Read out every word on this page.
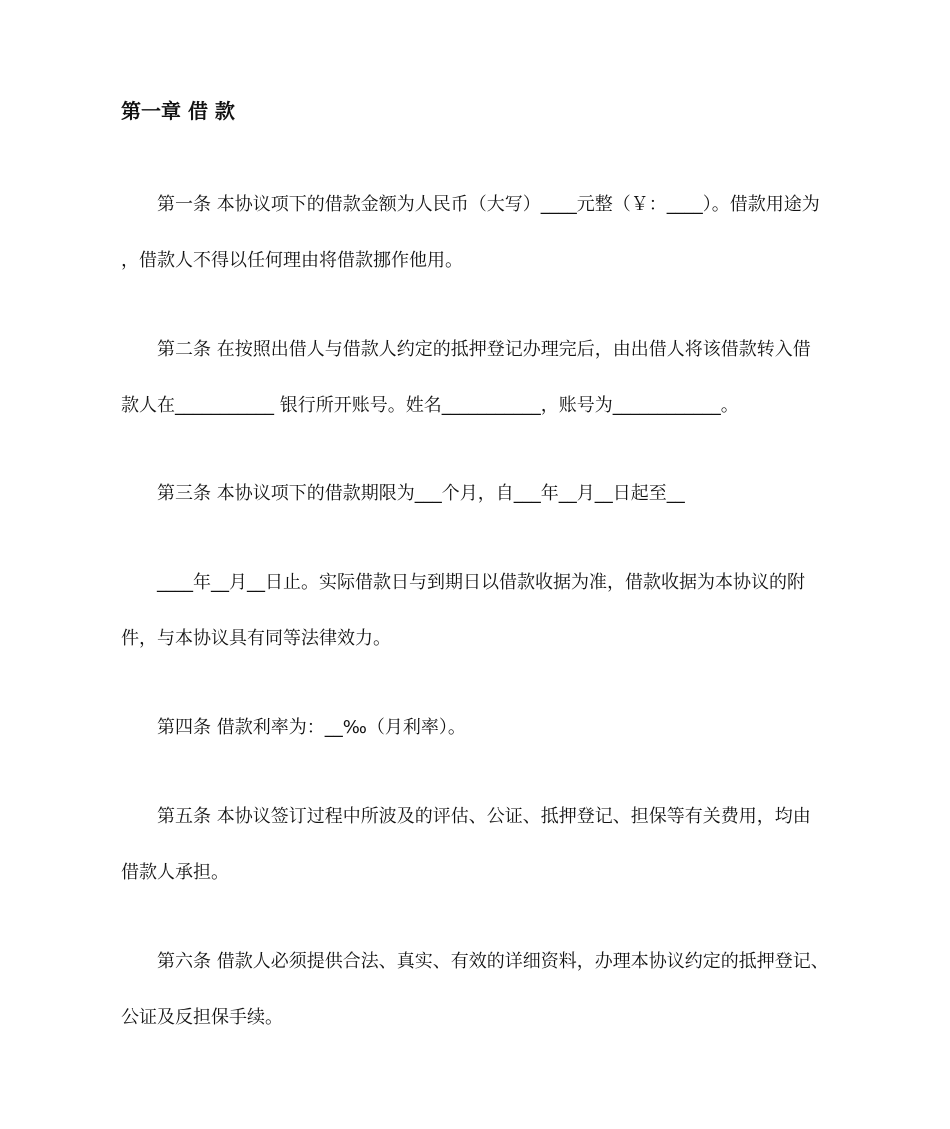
第一章 借 款
第一条 本协议项下的借款金额为人民币（大写）____元整（￥：____）。借款用途为
，借款人不得以任何理由将借款挪作他用。
第二条 在按照出借人与借款人约定的抵押登记办理完后，由出借人将该借款转入借
款人在___________ 银行所开账号。姓名___________，账号为____________。
第三条 本协议项下的借款期限为___个月，自___年__月__日起至__
____年__月__日止。实际借款日与到期日以借款收据为准，借款收据为本协议的附
件，与本协议具有同等法律效力。
第四条 借款利率为：__‰（月利率）。
第五条 本协议签订过程中所波及的评估、公证、抵押登记、担保等有关费用，均由
借款人承担。
第六条 借款人必须提供合法、真实、有效的详细资料，办理本协议约定的抵押登记、
公证及反担保手续。
